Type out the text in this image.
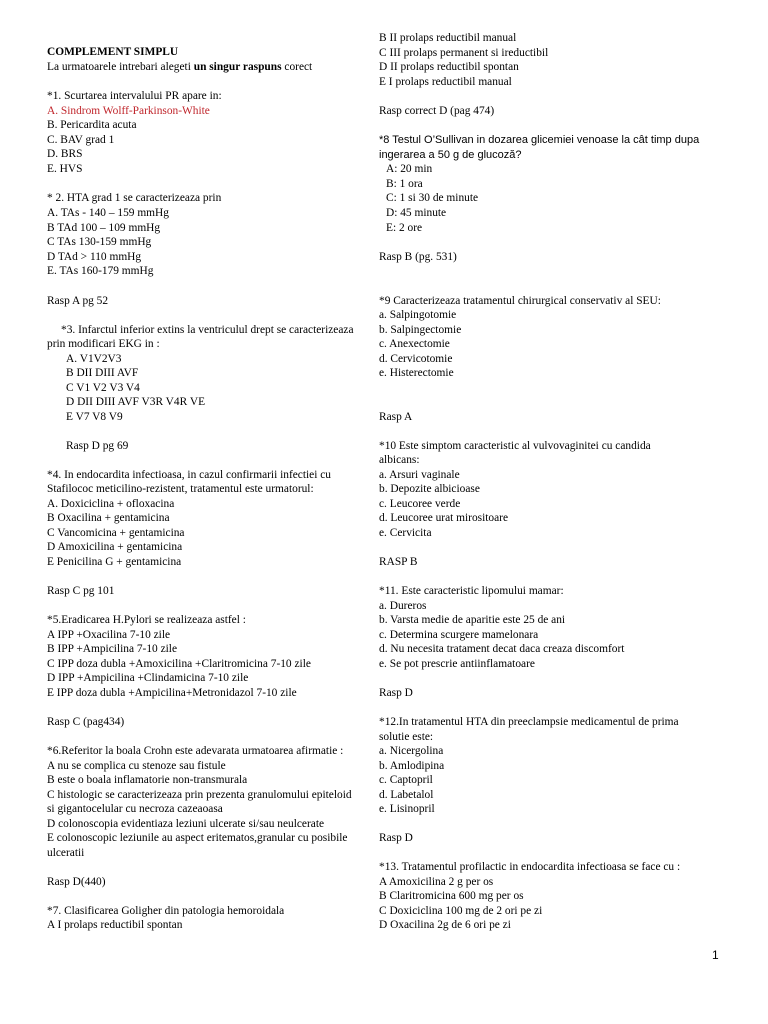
COMPLEMENT SIMPLU
La urmatoarele intrebari alegeti un singur raspuns corect
*1. Scurtarea intervalului PR apare in:
A. Sindrom Wolff-Parkinson-White
B. Pericardita acuta
C. BAV grad 1
D. BRS
E. HVS
* 2. HTA grad 1 se caracterizeaza prin
A. TAs - 140 – 159 mmHg
B TAd 100 – 109 mmHg
C TAs 130-159 mmHg
D TAd > 110 mmHg
E. TAs 160-179 mmHg
Rasp A pg 52
*3. Infarctul inferior extins la ventriculul drept se caracterizeaza
prin modificari EKG in :
A. V1V2V3
B DII DIII AVF
C V1 V2 V3 V4
D DII DIII AVF V3R V4R VE
E V7 V8 V9
Rasp D pg 69
*4. In endocardita infectioasa, in cazul confirmarii infectiei cu
Stafilococ meticilino-rezistent, tratamentul este urmatorul:
A. Doxiciclina + ofloxacina
B Oxacilina + gentamicina
C Vancomicina + gentamicina
D Amoxicilina + gentamicina
E Penicilina G + gentamicina
Rasp C pg 101
*5.Eradicarea H.Pylori se realizeaza astfel :
A IPP +Oxacilina 7-10 zile
B IPP +Ampicilina 7-10 zile
C IPP doza dubla +Amoxicilina +Claritromicina 7-10 zile
D IPP +Ampicilina +Clindamicina 7-10 zile
E IPP doza dubla +Ampicilina+Metronidazol 7-10 zile
Rasp C (pag434)
*6.Referitor la boala Crohn este adevarata urmatoarea afirmatie :
A nu se complica cu stenoze sau fistule
B este o boala inflamatorie non-transmurala
C histologic se caracterizeaza prin prezenta granulomului epiteloid
si gigantocelular cu necroza cazeaoasa
D colonoscopia evidentiaza leziuni ulcerate si/sau neulcerate
E colonoscopic leziunile au aspect eritematos,granular cu posibile
ulceratii
Rasp D(440)
*7. Clasificarea Goligher din patologia hemoroidala
A I prolaps reductibil spontan
B II prolaps reductibil manual
C III prolaps permanent si ireductibil
D II prolaps reductibil spontan
E I prolaps reductibil manual
Rasp correct D (pag 474)
*8 Testul O’Sullivan in dozarea glicemiei venoase la cât timp dupa
ingerarea a 50 g de glucoză?
A: 20 min
B: 1 ora
C: 1 si 30 de minute
D: 45 minute
E: 2 ore
Rasp B (pg. 531)
*9 Caracterizeaza tratamentul chirurgical conservativ al SEU:
a. Salpingotomie
b. Salpingectomie
c. Anexectomie
d. Cervicotomie
e. Histerectomie
Rasp A
*10 Este simptom caracteristic al vulvovaginitei cu candida
albicans:
a. Arsuri vaginale
b. Depozite albicioase
c. Leucoree verde
d. Leucoree urat mirositoare
e. Cervicita
RASP B
*11. Este caracteristic lipomului mamar:
a. Dureros
b. Varsta medie de aparitie este 25 de ani
c. Determina scurgere mamelonara
d. Nu necesita tratament decat daca creaza discomfort
e. Se pot prescrie antiinflamatoare
Rasp D
*12.In tratamentul HTA din preeclampsie medicamentul de prima
solutie este:
a. Nicergolina
b. Amlodipina
c. Captopril
d. Labetalol
e. Lisinopril
Rasp D
*13. Tratamentul profilactic in endocardita infectioasa se face cu :
A Amoxicilina 2 g per os
B Claritromicina 600 mg per os
C Doxiciclina 100 mg de 2 ori pe zi
D Oxacilina 2g de 6 ori pe zi
1
